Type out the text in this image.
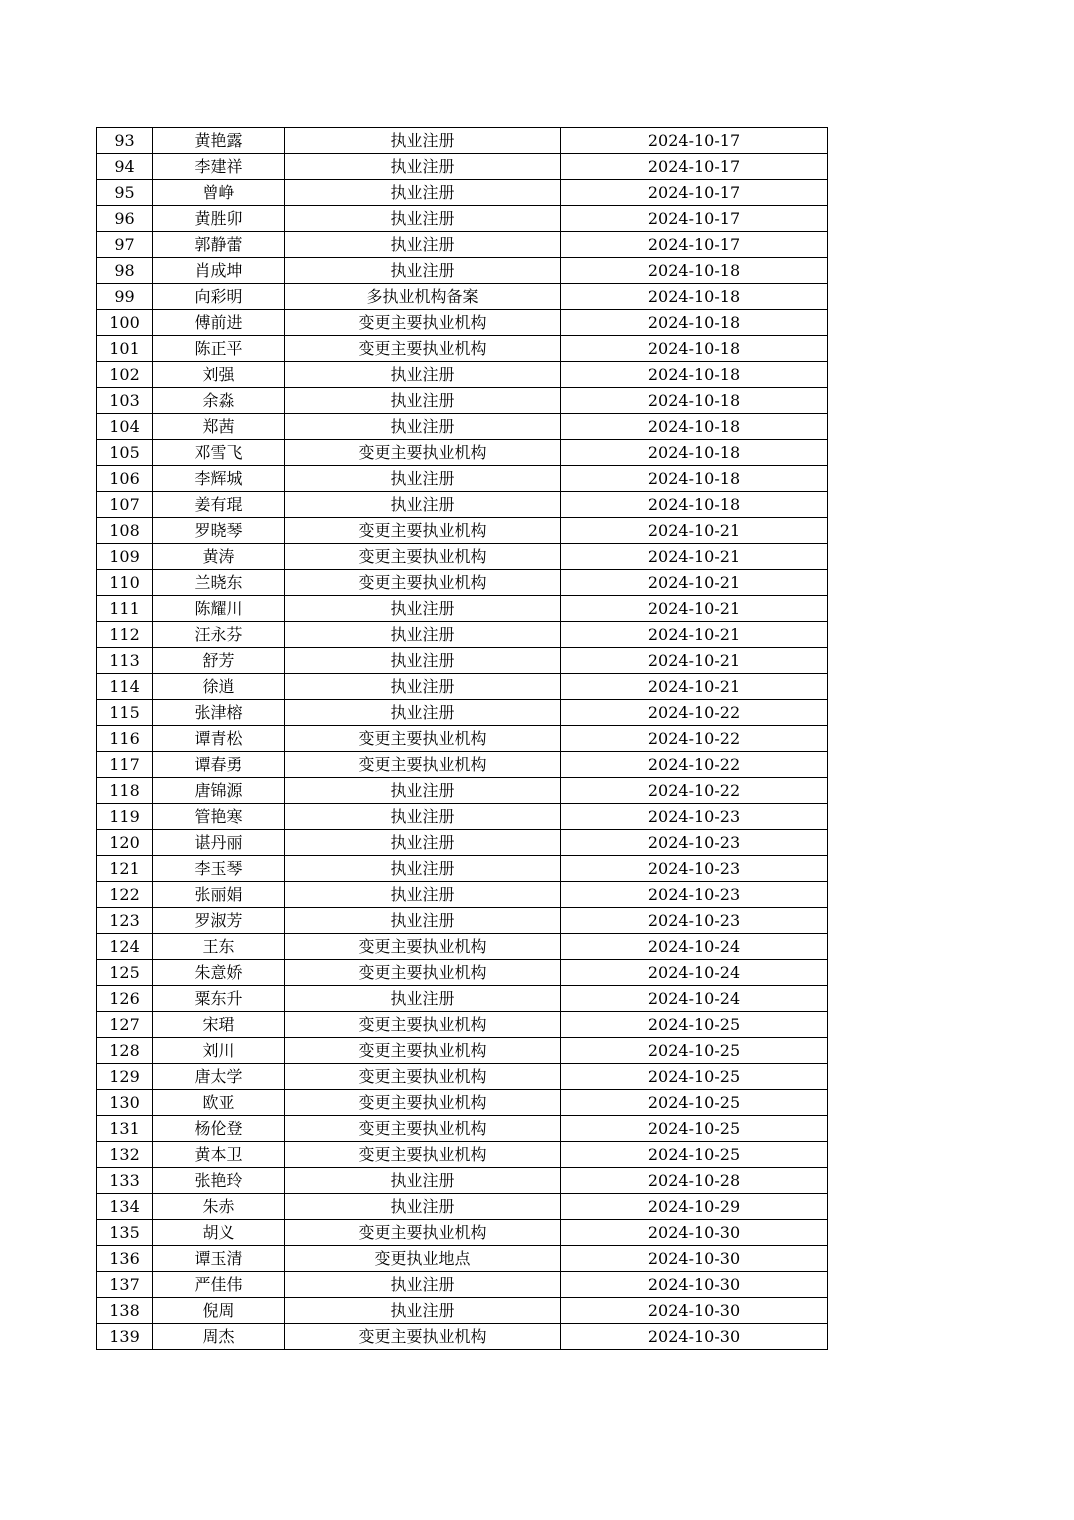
93	黄艳露	执业注册	2024-10-17
94	李建祥	执业注册	2024-10-17
95	曾峥	执业注册	2024-10-17
96	黄胜卯	执业注册	2024-10-17
97	郭静蕾	执业注册	2024-10-17
98	肖成坤	执业注册	2024-10-18
99	向彩明	多执业机构备案	2024-10-18
100	傅前进	变更主要执业机构	2024-10-18
101	陈正平	变更主要执业机构	2024-10-18
102	刘强	执业注册	2024-10-18
103	余淼	执业注册	2024-10-18
104	郑茜	执业注册	2024-10-18
105	邓雪飞	变更主要执业机构	2024-10-18
106	李辉城	执业注册	2024-10-18
107	姜有琨	执业注册	2024-10-18
108	罗晓琴	变更主要执业机构	2024-10-21
109	黄涛	变更主要执业机构	2024-10-21
110	兰晓东	变更主要执业机构	2024-10-21
111	陈耀川	执业注册	2024-10-21
112	汪永芬	执业注册	2024-10-21
113	舒芳	执业注册	2024-10-21
114	徐逍	执业注册	2024-10-21
115	张津榕	执业注册	2024-10-22
116	谭青松	变更主要执业机构	2024-10-22
117	谭春勇	变更主要执业机构	2024-10-22
118	唐锦源	执业注册	2024-10-22
119	管艳寒	执业注册	2024-10-23
120	谌丹丽	执业注册	2024-10-23
121	李玉琴	执业注册	2024-10-23
122	张丽娟	执业注册	2024-10-23
123	罗淑芳	执业注册	2024-10-23
124	王东	变更主要执业机构	2024-10-24
125	朱意娇	变更主要执业机构	2024-10-24
126	粟东升	执业注册	2024-10-24
127	宋珺	变更主要执业机构	2024-10-25
128	刘川	变更主要执业机构	2024-10-25
129	唐太学	变更主要执业机构	2024-10-25
130	欧亚	变更主要执业机构	2024-10-25
131	杨伦登	变更主要执业机构	2024-10-25
132	黄本卫	变更主要执业机构	2024-10-25
133	张艳玲	执业注册	2024-10-28
134	朱赤	执业注册	2024-10-29
135	胡义	变更主要执业机构	2024-10-30
136	谭玉清	变更执业地点	2024-10-30
137	严佳伟	执业注册	2024-10-30
138	倪周	执业注册	2024-10-30
139	周杰	变更主要执业机构	2024-10-30
